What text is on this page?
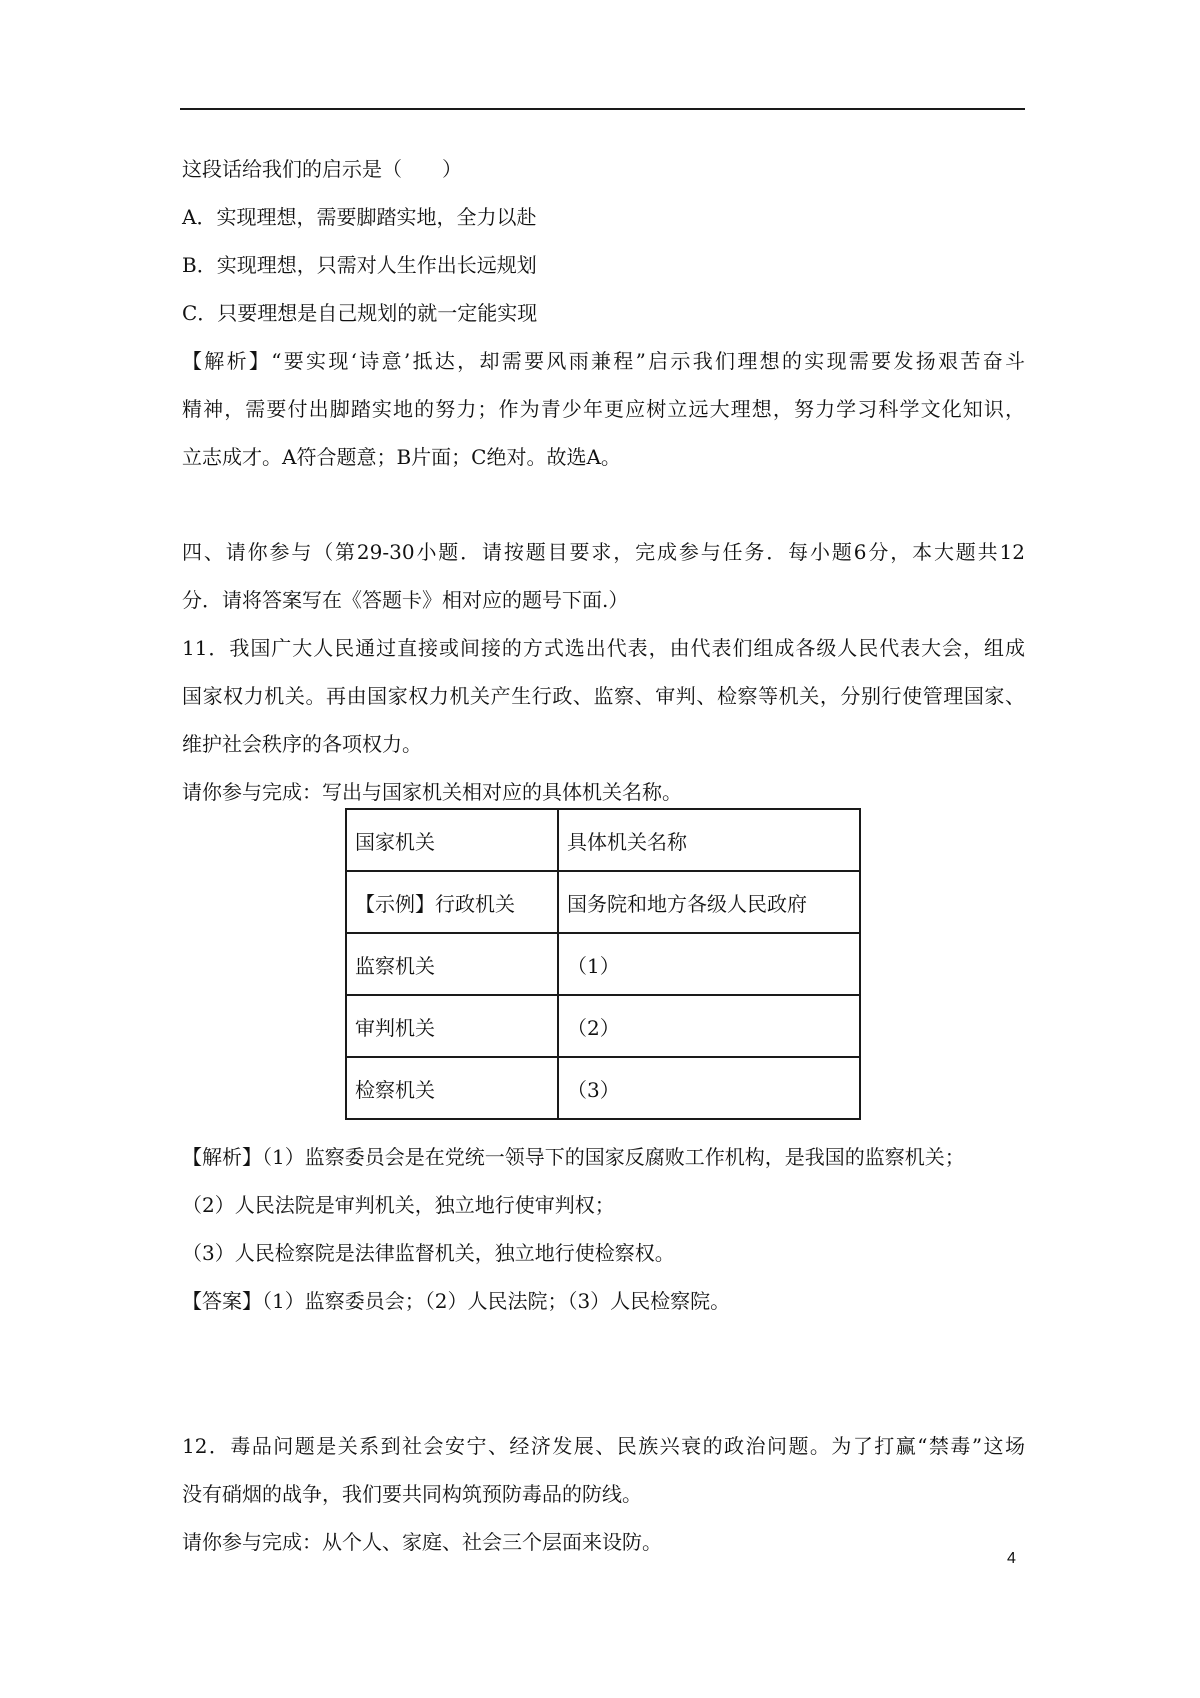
这段话给我们的启示是（　　）
A．实现理想，需要脚踏实地，全力以赴
B．实现理想，只需对人生作出长远规划
C．只要理想是自己规划的就一定能实现
【解析】“要实现‘诗意’抵达，却需要风雨兼程”启示我们理想的实现需要发扬艰苦奋斗
精神，需要付出脚踏实地的努力；作为青少年更应树立远大理想，努力学习科学文化知识，
立志成才。A符合题意；B片面；C绝对。故选A。
四、请你参与（第29-30小题．请按题目要求，完成参与任务．每小题6分，本大题共12
分．请将答案写在《答题卡》相对应的题号下面.）
11．我国广大人民通过直接或间接的方式选出代表，由代表们组成各级人民代表大会，组成
国家权力机关。再由国家权力机关产生行政、监察、审判、检察等机关，分别行使管理国家、
维护社会秩序的各项权力。
请你参与完成：写出与国家机关相对应的具体机关名称。
国家机关	具体机关名称
【示例】行政机关	国务院和地方各级人民政府
监察机关	（1）
审判机关	（2）
检察机关	（3）
【解析】（1）监察委员会是在党统一领导下的国家反腐败工作机构，是我国的监察机关；
（2）人民法院是审判机关，独立地行使审判权；
（3）人民检察院是法律监督机关，独立地行使检察权。
【答案】（1）监察委员会；（2）人民法院；（3）人民检察院。
12．毒品问题是关系到社会安宁、经济发展、民族兴衰的政治问题。为了打赢“禁毒”这场
没有硝烟的战争，我们要共同构筑预防毒品的防线。
请你参与完成：从个人、家庭、社会三个层面来设防。
4
